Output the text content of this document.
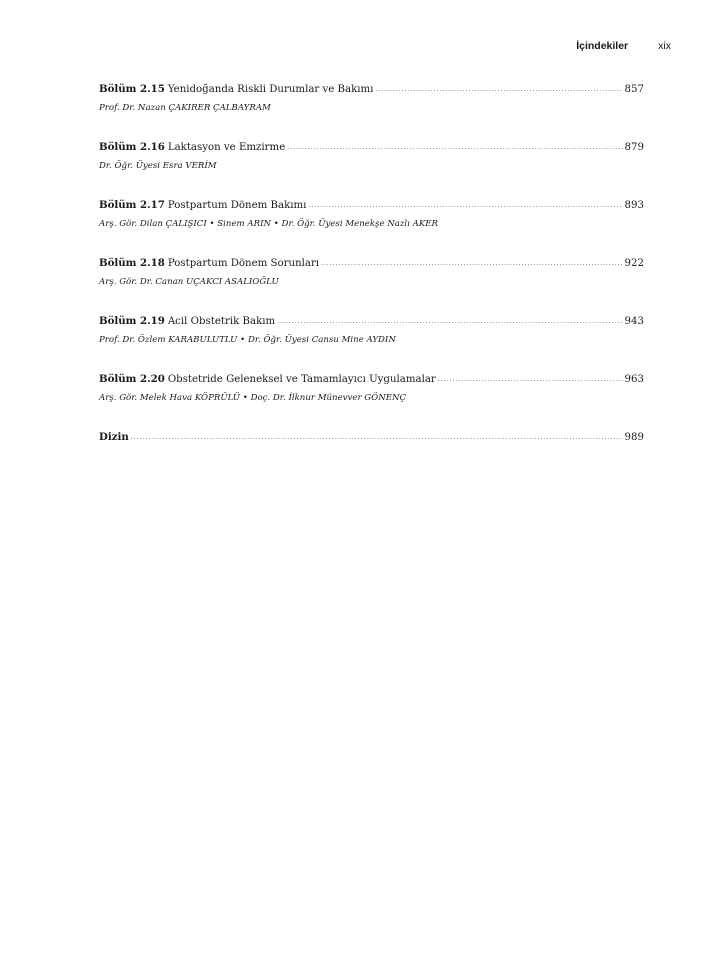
İçindekiler	xix
Bölüm 2.15 Yenidoğanda Riskli Durumlar ve Bakımı .....	857
Prof. Dr. Nazan ÇAKIRER ÇALBAYRAM
Bölüm 2.16 Laktasyon ve Emzirme .....	879
Dr. Öğr. Üyesi Esra VERİM
Bölüm 2.17 Postpartum Dönem Bakımı .....	893
Arş. Gör. Dilan ÇALIŞICI • Sinem ARIN • Dr. Öğr. Üyesi Menekşe Nazlı AKER
Bölüm 2.18 Postpartum Dönem Sorunları .....	922
Arş. Gör. Dr. Canan UÇAKCI ASALIOĞLU
Bölüm 2.19 Acil Obstetrik Bakım .....	943
Prof. Dr. Özlem KARABULUTLU • Dr. Öğr. Üyesi Cansu Mine AYDIN
Bölüm 2.20 Obstetride Geleneksel ve Tamamlayıcı Uygulamalar .....	963
Arş. Gör. Melek Hava KÖPRÜLÜ • Doç. Dr. İlknur Münevver GÖNENÇ
Dizin .....	989
